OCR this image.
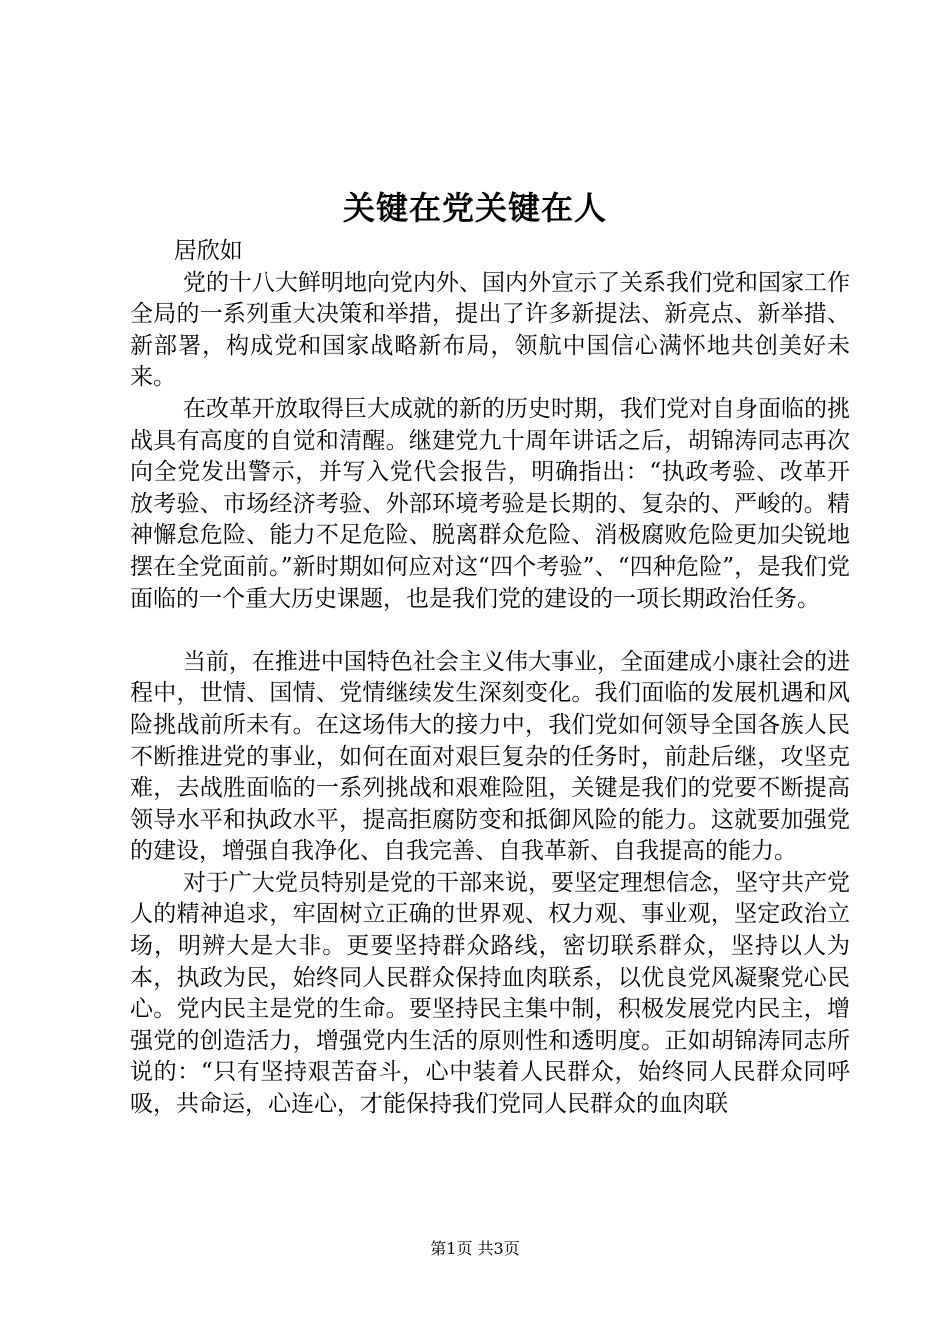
关键在党关键在人

居欣如

党的十八大鲜明地向党内外、国内外宣示了关系我们党和国家工作全局的一系列重大决策和举措，提出了许多新提法、新亮点、新举措、新部署，构成党和国家战略新布局，领航中国信心满怀地共创美好未来。

在改革开放取得巨大成就的新的历史时期，我们党对自身面临的挑战具有高度的自觉和清醒。继建党九十周年讲话之后，胡锦涛同志再次向全党发出警示，并写入党代会报告，明确指出：“执政考验、改革开放考验、市场经济考验、外部环境考验是长期的、复杂的、严峻的。精神懈怠危险、能力不足危险、脱离群众危险、消极腐败危险更加尖锐地摆在全党面前。”新时期如何应对这“四个考验”、“四种危险”，是我们党面临的一个重大历史课题，也是我们党的建设的一项长期政治任务。

当前，在推进中国特色社会主义伟大事业，全面建成小康社会的进程中，世情、国情、党情继续发生深刻变化。我们面临的发展机遇和风险挑战前所未有。在这场伟大的接力中，我们党如何领导全国各族人民不断推进党的事业，如何在面对艰巨复杂的任务时，前赴后继，攻坚克难，去战胜面临的一系列挑战和艰难险阻，关键是我们的党要不断提高领导水平和执政水平，提高拒腐防变和抵御风险的能力。这就要加强党的建设，增强自我净化、自我完善、自我革新、自我提高的能力。

对于广大党员特别是党的干部来说，要坚定理想信念，坚守共产党人的精神追求，牢固树立正确的世界观、权力观、事业观，坚定政治立场，明辨大是大非。更要坚持群众路线，密切联系群众，坚持以人为本，执政为民，始终同人民群众保持血肉联系，以优良党风凝聚党心民心。党内民主是党的生命。要坚持民主集中制，积极发展党内民主，增强党的创造活力，增强党内生活的原则性和透明度。正如胡锦涛同志所说的：“只有坚持艰苦奋斗，心中装着人民群众，始终同人民群众同呼吸，共命运，心连心，才能保持我们党同人民群众的血肉联

第1页 共3页
